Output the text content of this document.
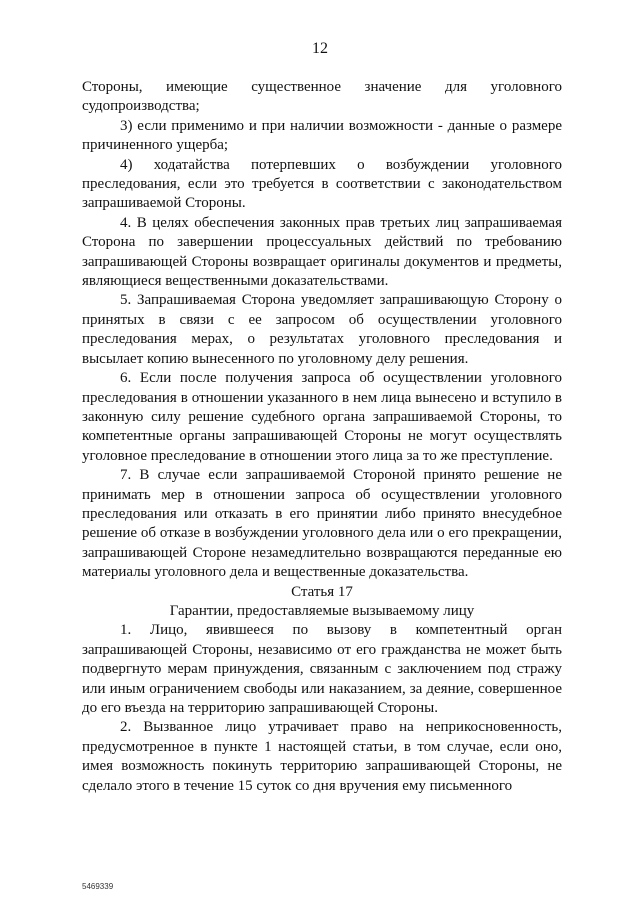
12

Стороны, имеющие существенное значение для уголовного судопроизводства;

3) если применимо и при наличии возможности - данные о размере причиненного ущерба;

4) ходатайства потерпевших о возбуждении уголовного преследования, если это требуется в соответствии с законодательством запрашиваемой Стороны.

4. В целях обеспечения законных прав третьих лиц запрашиваемая Сторона по завершении процессуальных действий по требованию запрашивающей Стороны возвращает оригиналы документов и предметы, являющиеся вещественными доказательствами.

5. Запрашиваемая Сторона уведомляет запрашивающую Сторону о принятых в связи с ее запросом об осуществлении уголовного преследования мерах, о результатах уголовного преследования и высылает копию вынесенного по уголовному делу решения.

6. Если после получения запроса об осуществлении уголовного преследования в отношении указанного в нем лица вынесено и вступило в законную силу решение судебного органа запрашиваемой Стороны, то компетентные органы запрашивающей Стороны не могут осуществлять уголовное преследование в отношении этого лица за то же преступление.

7. В случае если запрашиваемой Стороной принято решение не принимать мер в отношении запроса об осуществлении уголовного преследования или отказать в его принятии либо принято внесудебное решение об отказе в возбуждении уголовного дела или о его прекращении, запрашивающей Стороне незамедлительно возвращаются переданные ею материалы уголовного дела и вещественные доказательства.

Статья 17

Гарантии, предоставляемые вызываемому лицу

1. Лицо, явившееся по вызову в компетентный орган запрашивающей Стороны, независимо от его гражданства не может быть подвергнуто мерам принуждения, связанным с заключением под стражу или иным ограничением свободы или наказанием, за деяние, совершенное до его въезда на территорию запрашивающей Стороны.

2. Вызванное лицо утрачивает право на неприкосновенность, предусмотренное в пункте 1 настоящей статьи, в том случае, если оно, имея возможность покинуть территорию запрашивающей Стороны, не сделало этого в течение 15 суток со дня вручения ему письменного

5469339
